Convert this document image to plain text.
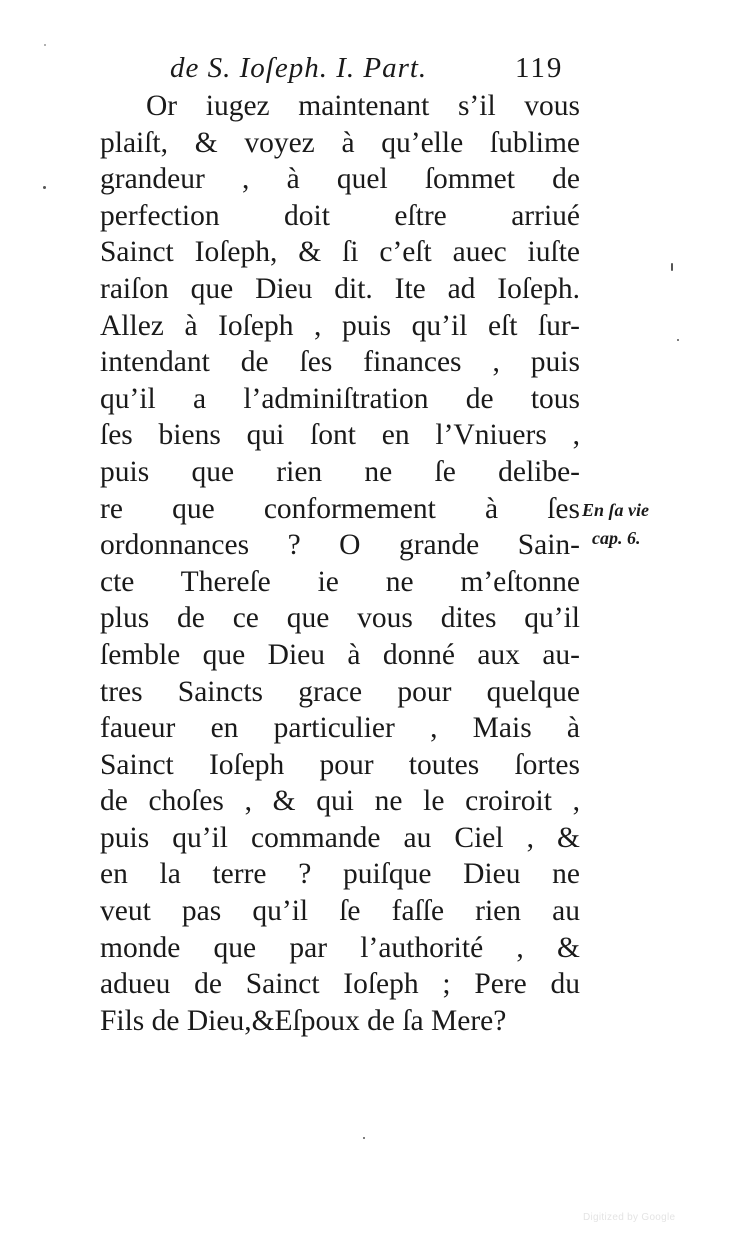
de S. Ioſeph. I. Part.	119
Or iugez maintenant s’il vous
plaiſt, & voyez à qu’elle ſublime
grandeur , à quel ſommet de
perfection doit eſtre arriué
Sainct Ioſeph, & ſi c’eſt auec iuſte
raiſon que Dieu dit. Ite ad Ioſeph.
Allez à Ioſeph , puis qu’il eſt ſur-
intendant de ſes finances , puis
qu’il a l’adminiſtration de tous
ſes biens qui ſont en l’Vniuers ,
puis que rien ne ſe delibe-
re que conformement à ſes
ordonnances ? O grande Sain-
cte Thereſe ie ne m’eſtonne
plus de ce que vous dites qu’il
ſemble que Dieu à donné aux au-
tres Saincts grace pour quelque
faueur en particulier , Mais à
Sainct Ioſeph pour toutes ſortes
de choſes , & qui ne le croiroit ,
puis qu’il commande au Ciel , &
en la terre ? puiſque Dieu ne
veut pas qu’il ſe faſſe rien au
monde que par l’authorité , &
adueu de Sainct Ioſeph ; Pere du
Fils de Dieu,&Eſpoux de ſa Mere?
En ſa vie
cap. 6.
Digitized by Google
